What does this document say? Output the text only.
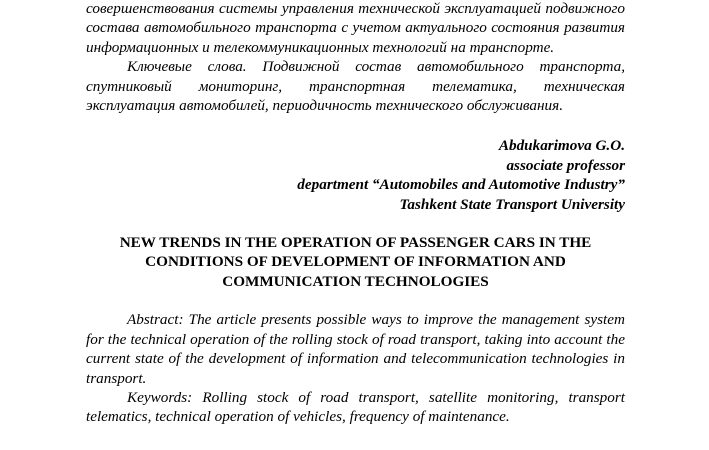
совершенствования системы управления технической эксплуатацией подвижного состава автомобильного транспорта с учетом актуального состояния развития информационных и телекоммуникационных технологий на транспорте.

Ключевые слова. Подвижной состав автомобильного транспорта, спутниковый мониторинг, транспортная телематика, техническая эксплуатация автомобилей, периодичность технического обслуживания.

Abdukarimova G.O.
associate professor
department “Automobiles and Automotive Industry”
Tashkent State Transport University
NEW TRENDS IN THE OPERATION OF PASSENGER CARS IN THE
CONDITIONS OF DEVELOPMENT OF INFORMATION AND
COMMUNICATION TECHNOLOGIES

Abstract: The article presents possible ways to improve the management system for the technical operation of the rolling stock of road transport, taking into account the current state of the development of information and telecommunication technologies in transport.

Keywords: Rolling stock of road transport, satellite monitoring, transport telematics, technical operation of vehicles, frequency of maintenance.
